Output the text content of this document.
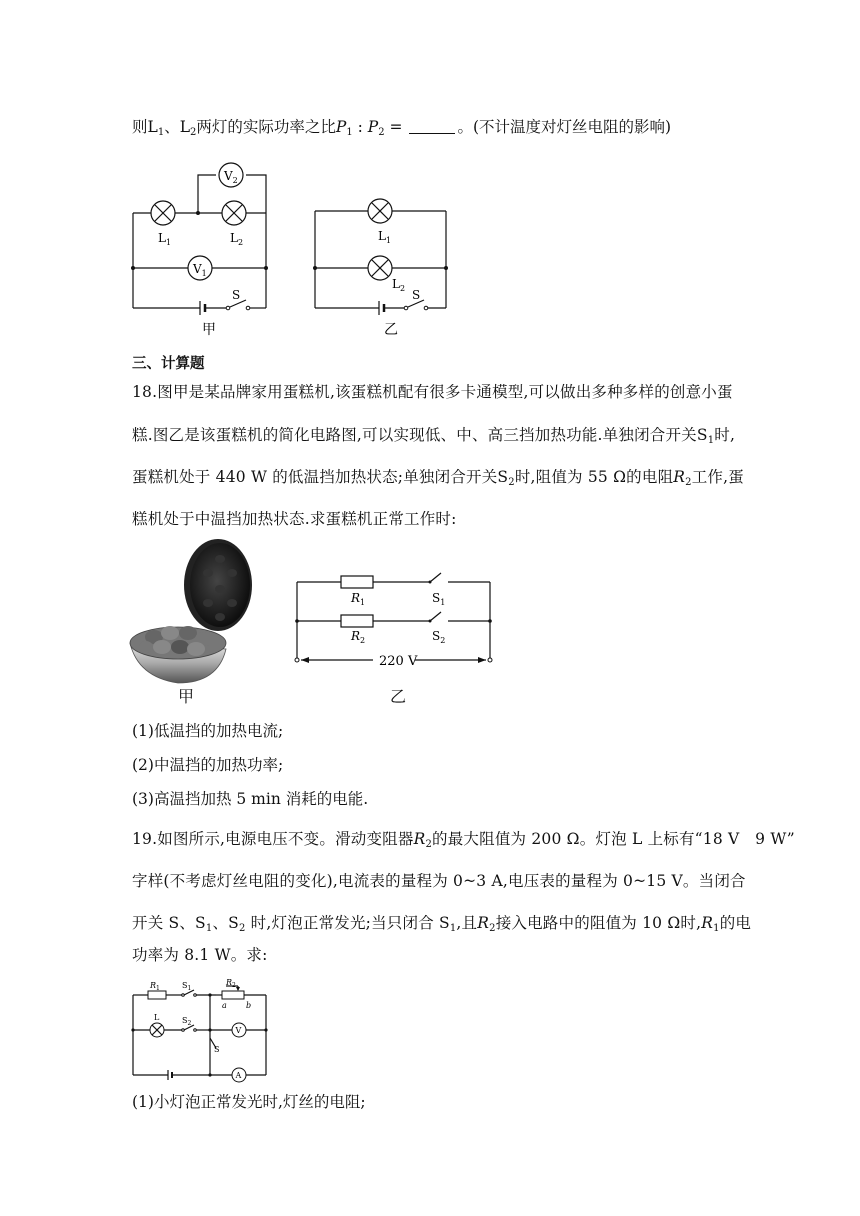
则$L_1$、$L_2$两灯的实际功率之比$P_1$ : $P_2$ =	。(不计温度对灯丝电阻的影响)
$V_2$
$L_1$	$L_2$
$V_1$
S
甲
$L_1$
$L_2$ S
乙
三、计算题
18.图甲是某品牌家用蛋糕机,该蛋糕机配有很多卡通模型,可以做出多种多样的创意小蛋
糕.图乙是该蛋糕机的简化电路图,可以实现低、中、高三挡加热功能.单独闭合开关$S_1$时,
蛋糕机处于 440 W 的低温挡加热状态;单独闭合开关$S_2$时,阻值为 55 Ω的电阻$R_2$工作,蛋
糕机处于中温挡加热状态.求蛋糕机正常工作时:
甲
$R_1$	$S_1$
$R_2$	$S_2$
220 V
乙
(1)低温挡的加热电流;
(2)中温挡的加热功率;
(3)高温挡加热 5 min 消耗的电能.
19.如图所示,电源电压不变。滑动变阻器$R_2$的最大阻值为 200 Ω。灯泡 L 上标有“18 V　9 W”
字样(不考虑灯丝电阻的变化),电流表的量程为 0~3 A,电压表的量程为 0~15 V。当闭合
开关 S、$S_1$、$S_2$ 时,灯泡正常发光;当只闭合 $S_1$,且$R_2$接入电路中的阻值为 10 Ω时$,R_1$的电
功率为 8.1 W。求:
$R_1$	$S_1$
$R_2$
a b
L	$S_2$
V
S
A
(1)小灯泡正常发光时,灯丝的电阻;
